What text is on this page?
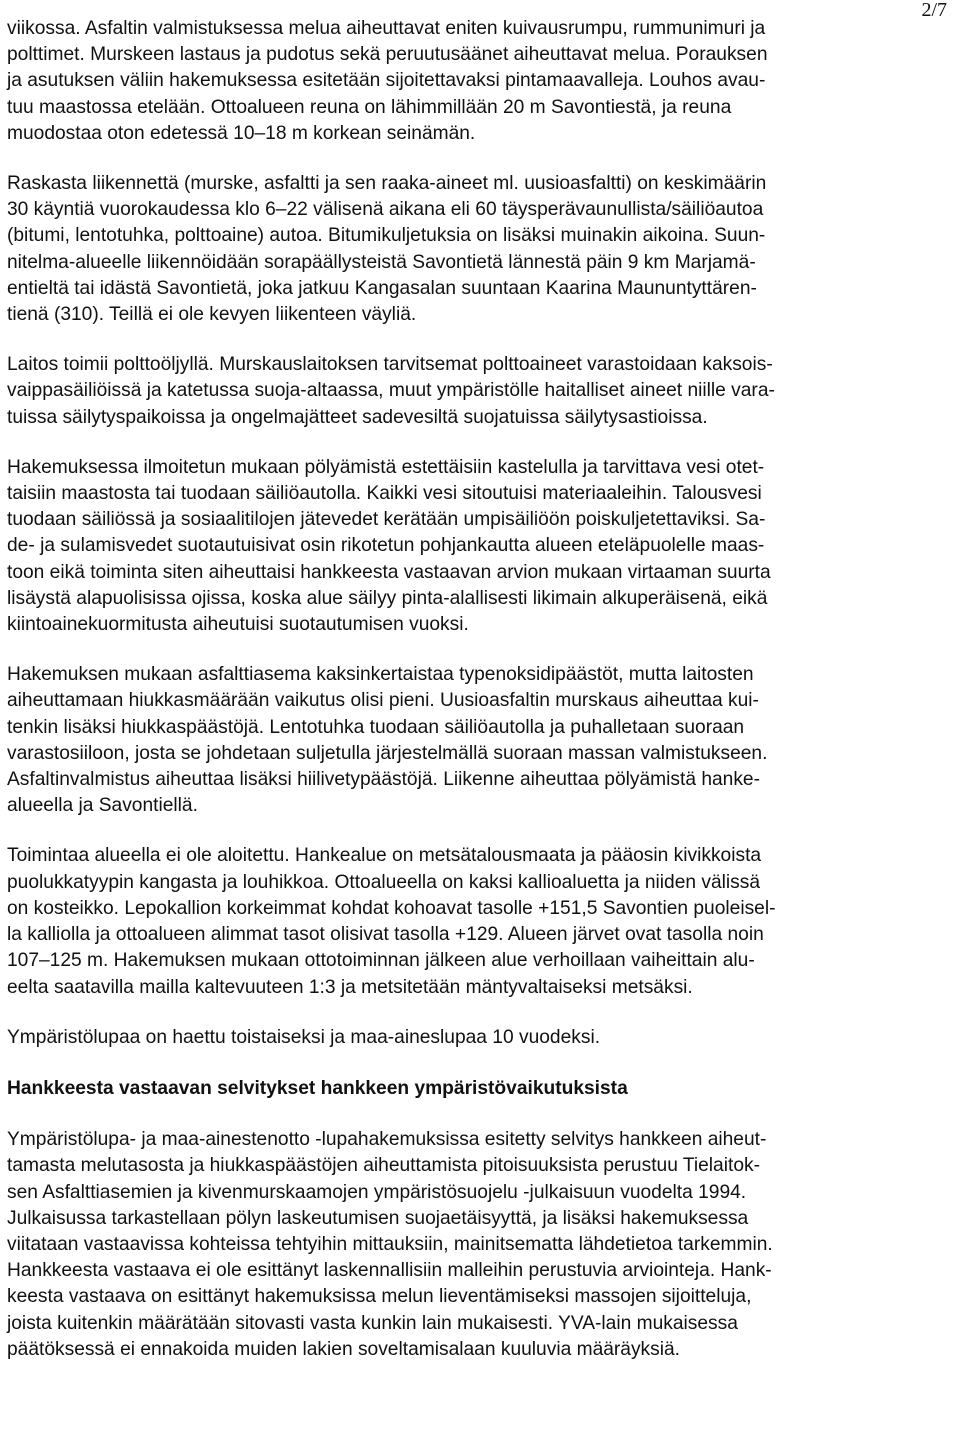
2/7

viikossa. Asfaltin valmistuksessa melua aiheuttavat eniten kuivausrumpu, rummunimuri ja
polttimet. Murskeen lastaus ja pudotus sekä peruutusäänet aiheuttavat melua. Porauksen
ja asutuksen väliin hakemuksessa esitetään sijoitettavaksi pintamaavalleja. Louhos avau-
tuu maastossa etelään. Ottoalueen reuna on lähimmillään 20 m Savontiestä, ja reuna
muodostaa oton edetessä 10–18 m korkean seinämän.

Raskasta liikennettä (murske, asfaltti ja sen raaka-aineet ml. uusioasfaltti) on keskimäärin
30 käyntiä vuorokaudessa klo 6–22 välisenä aikana eli 60 täysperävaunullista/säiliöautoa
(bitumi, lentotuhka, polttoaine) autoa. Bitumikuljetuksia on lisäksi muinakin aikoina. Suun-
nitelma-alueelle liikennöidään sorapäällysteistä Savontietä lännestä päin 9 km Marjamä-
entieltä tai idästä Savontietä, joka jatkuu Kangasalan suuntaan Kaarina Maununtyttären-
tienä (310). Teillä ei ole kevyen liikenteen väyliä.

Laitos toimii polttoöljyllä. Murskauslaitoksen tarvitsemat polttoaineet varastoidaan kaksois-
vaippasäiliöissä ja katetussa suoja-altaassa, muut ympäristölle haitalliset aineet niille vara-
tuissa säilytyspaikoissa ja ongelmajätteet sadevesiltä suojatuissa säilytysastioissa.

Hakemuksessa ilmoitetun mukaan pölyämistä estettäisiin kastelulla ja tarvittava vesi otet-
taisiin maastosta tai tuodaan säiliöautolla. Kaikki vesi sitoutuisi materiaaleihin. Talousvesi
tuodaan säiliössä ja sosiaalitilojen jätevedet kerätään umpisäiliöön poiskuljetettaviksi. Sa-
de- ja sulamisvedet suotautuisivat osin rikotetun pohjankautta alueen eteläpuolelle maas-
toon eikä toiminta siten aiheuttaisi hankkeesta vastaavan arvion mukaan virtaaman suurta
lisäystä alapuolisissa ojissa, koska alue säilyy pinta-alallisesti likimain alkuperäisenä, eikä
kiintoainekuormitusta aiheutuisi suotautumisen vuoksi.

Hakemuksen mukaan asfalttiasema kaksinkertaistaa typenoksidipäästöt, mutta laitosten
aiheuttamaan hiukkasmäärään vaikutus olisi pieni. Uusioasfaltin murskaus aiheuttaa kui-
tenkin lisäksi hiukkaspäästöjä. Lentotuhka tuodaan säiliöautolla ja puhalletaan suoraan
varastosiiloon, josta se johdetaan suljetulla järjestelmällä suoraan massan valmistukseen.
Asfaltinvalmistus aiheuttaa lisäksi hiilivetypäästöjä. Liikenne aiheuttaa pölyämistä hanke-
alueella ja Savontiellä.

Toimintaa alueella ei ole aloitettu. Hankealue on metsätalousmaata ja pääosin kivikkoista
puolukkatyypin kangasta ja louhikkoa. Ottoalueella on kaksi kallioaluetta ja niiden välissä
on kosteikko. Lepokallion korkeimmat kohdat kohoavat tasolle +151,5 Savontien puoleisel-
la kalliolla ja ottoalueen alimmat tasot olisivat tasolla +129. Alueen järvet ovat tasolla noin
107–125 m. Hakemuksen mukaan ottotoiminnan jälkeen alue verhoillaan vaiheittain alu-
eelta saatavilla mailla kaltevuuteen 1:3 ja metsitetään mäntyvaltaiseksi metsäksi.

Ympäristölupaa on haettu toistaiseksi ja maa-aineslupaa 10 vuodeksi.

Hankkeesta vastaavan selvitykset hankkeen ympäristövaikutuksista

Ympäristölupa- ja maa-ainestenotto -lupahakemuksissa esitetty selvitys hankkeen aiheut-
tamasta melutasosta ja hiukkaspäästöjen aiheuttamista pitoisuuksista perustuu Tielaitok-
sen Asfalttiasemien ja kivenmurskaamojen ympäristösuojelu -julkaisuun vuodelta 1994.
Julkaisussa tarkastellaan pölyn laskeutumisen suojaetäisyyttä, ja lisäksi hakemuksessa
viitataan vastaavissa kohteissa tehtyihin mittauksiin, mainitsematta lähdetietoa tarkemmin.
Hankkeesta vastaava ei ole esittänyt laskennallisiin malleihin perustuvia arviointeja. Hank-
keesta vastaava on esittänyt hakemuksissa melun lieventämiseksi massojen sijoitteluja,
joista kuitenkin määrätään sitovasti vasta kunkin lain mukaisesti. YVA-lain mukaisessa
päätöksessä ei ennakoida muiden lakien soveltamisalaan kuuluvia määräyksiä.
